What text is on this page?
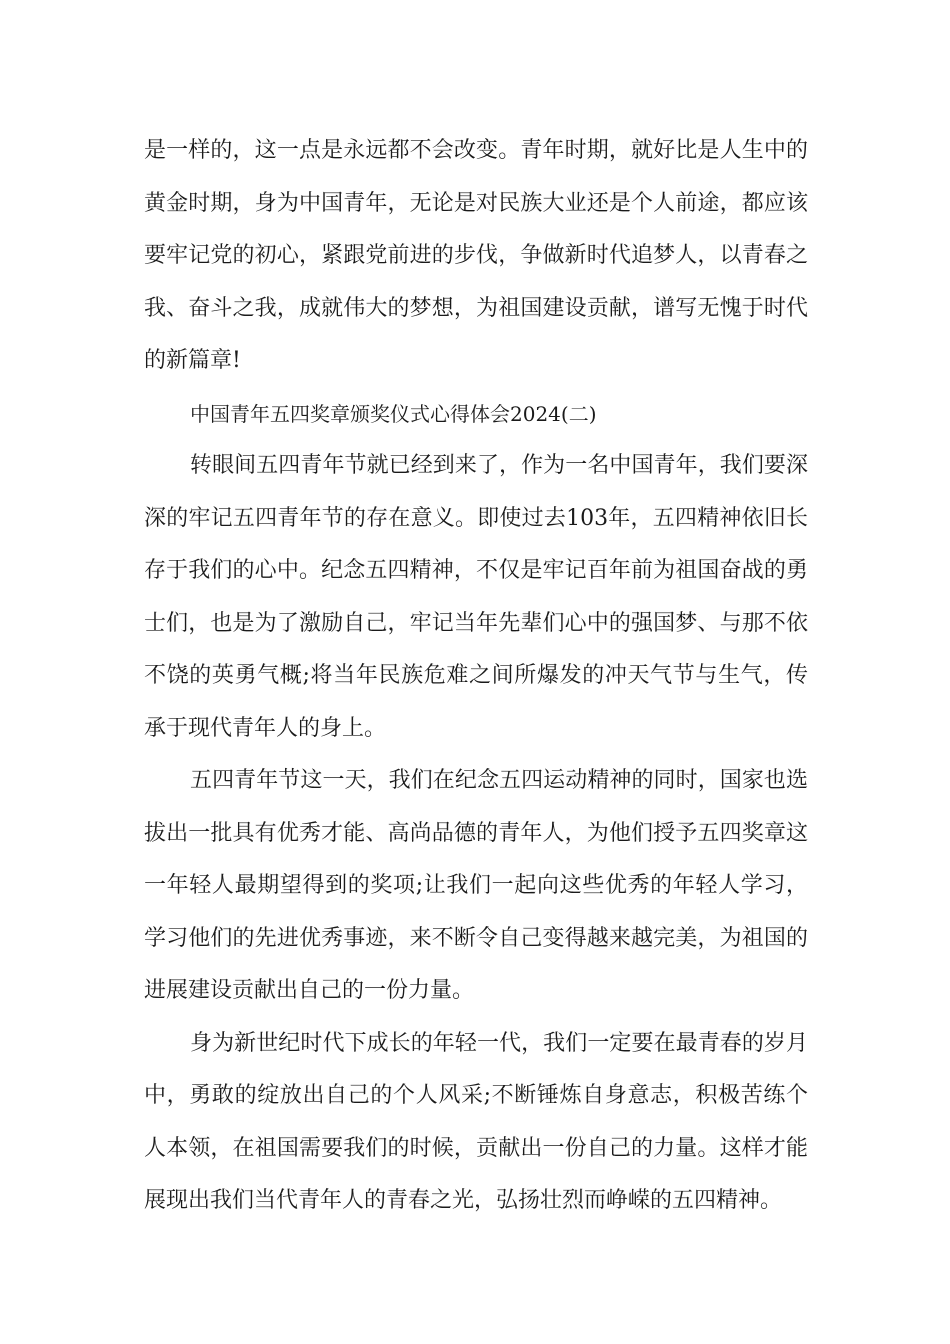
是一样的，这一点是永远都不会改变。青年时期，就好比是人生中的黄金时期，身为中国青年，无论是对民族大业还是个人前途，都应该要牢记党的初心，紧跟党前进的步伐，争做新时代追梦人，以青春之我、奋斗之我，成就伟大的梦想，为祖国建设贡献，谱写无愧于时代的新篇章!

中国青年五四奖章颁奖仪式心得体会2024(二)

转眼间五四青年节就已经到来了，作为一名中国青年，我们要深深的牢记五四青年节的存在意义。即使过去103年，五四精神依旧长存于我们的心中。纪念五四精神，不仅是牢记百年前为祖国奋战的勇士们，也是为了激励自己，牢记当年先辈们心中的强国梦、与那不依不饶的英勇气概;将当年民族危难之间所爆发的冲天气节与生气，传承于现代青年人的身上。

五四青年节这一天，我们在纪念五四运动精神的同时，国家也选拔出一批具有优秀才能、高尚品德的青年人，为他们授予五四奖章这一年轻人最期望得到的奖项;让我们一起向这些优秀的年轻人学习，学习他们的先进优秀事迹，来不断令自己变得越来越完美，为祖国的进展建设贡献出自己的一份力量。

身为新世纪时代下成长的年轻一代，我们一定要在最青春的岁月中，勇敢的绽放出自己的个人风采;不断锤炼自身意志，积极苦练个人本领，在祖国需要我们的时候，贡献出一份自己的力量。这样才能展现出我们当代青年人的青春之光，弘扬壮烈而峥嵘的五四精神。
